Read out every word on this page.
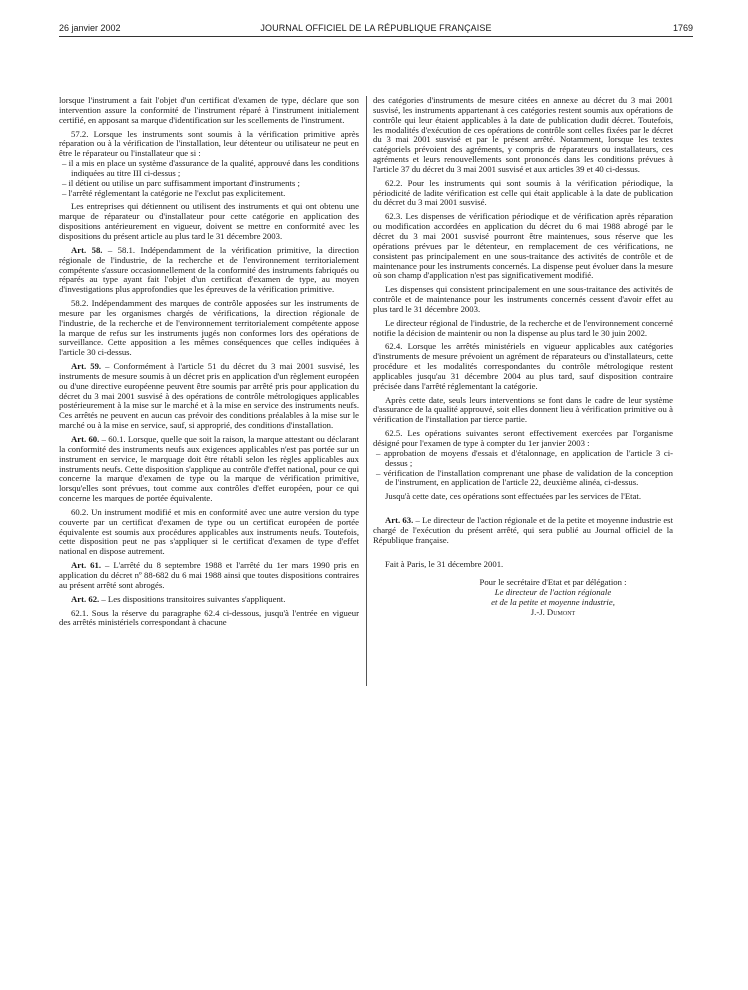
26 janvier 2002	JOURNAL OFFICIEL DE LA RÉPUBLIQUE FRANÇAISE	1769

lorsque l'instrument a fait l'objet d'un certificat d'examen de type, déclare que son intervention assure la conformité de l'instrument réparé à l'instrument initialement certifié, en apposant sa marque d'identification sur les scellements de l'instrument.

57.2. Lorsque les instruments sont soumis à la vérification primitive après réparation ou à la vérification de l'installation, leur détenteur ou utilisateur ne peut en être le réparateur ou l'installateur que si :

– il a mis en place un système d'assurance de la qualité, approuvé dans les conditions indiquées au titre III ci-dessus ;

– il détient ou utilise un parc suffisamment important d'instruments ;

– l'arrêté réglementant la catégorie ne l'exclut pas explicitement.

Les entreprises qui détiennent ou utilisent des instruments et qui ont obtenu une marque de réparateur ou d'installateur pour cette catégorie en application des dispositions antérieurement en vigueur, doivent se mettre en conformité avec les dispositions du présent article au plus tard le 31 décembre 2003.

Art. 58. – 58.1. Indépendamment de la vérification primitive, la direction régionale de l'industrie, de la recherche et de l'environnement territorialement compétente s'assure occasionnellement de la conformité des instruments fabriqués ou réparés au type ayant fait l'objet d'un certificat d'examen de type, au moyen d'investigations plus approfondies que les épreuves de la vérification primitive.

58.2. Indépendamment des marques de contrôle apposées sur les instruments de mesure par les organismes chargés de vérifications, la direction régionale de l'industrie, de la recherche et de l'environnement territorialement compétente appose la marque de refus sur les instruments jugés non conformes lors des opérations de surveillance. Cette apposition a les mêmes conséquences que celles indiquées à l'article 30 ci-dessus.

Art. 59. – Conformément à l'article 51 du décret du 3 mai 2001 susvisé, les instruments de mesure soumis à un décret pris en application d'un règlement européen ou d'une directive européenne peuvent être soumis par arrêté pris pour application du décret du 3 mai 2001 susvisé à des opérations de contrôle métrologiques applicables postérieurement à la mise sur le marché et à la mise en service des instruments neufs. Ces arrêtés ne peuvent en aucun cas prévoir des conditions préalables à la mise sur le marché ou à la mise en service, sauf, si approprié, des conditions d'installation.

Art. 60. – 60.1. Lorsque, quelle que soit la raison, la marque attestant ou déclarant la conformité des instruments neufs aux exigences applicables n'est pas portée sur un instrument en service, le marquage doit être rétabli selon les règles applicables aux instruments neufs. Cette disposition s'applique au contrôle d'effet national, pour ce qui concerne la marque d'examen de type ou la marque de vérification primitive, lorsqu'elles sont prévues, tout comme aux contrôles d'effet européen, pour ce qui concerne les marques de portée équivalente.

60.2. Un instrument modifié et mis en conformité avec une autre version du type couverte par un certificat d'examen de type ou un certificat européen de portée équivalente est soumis aux procédures applicables aux instruments neufs. Toutefois, cette disposition peut ne pas s'appliquer si le certificat d'examen de type d'effet national en dispose autrement.

Art. 61. – L'arrêté du 8 septembre 1988 et l'arrêté du 1er mars 1990 pris en application du décret nº 88-682 du 6 mai 1988 ainsi que toutes dispositions contraires au présent arrêté sont abrogés.

Art. 62. – Les dispositions transitoires suivantes s'appliquent.

62.1. Sous la réserve du paragraphe 62.4 ci-dessous, jusqu'à l'entrée en vigueur des arrêtés ministériels correspondant à chacune

des catégories d'instruments de mesure citées en annexe au décret du 3 mai 2001 susvisé, les instruments appartenant à ces catégories restent soumis aux opérations de contrôle qui leur étaient applicables à la date de publication dudit décret. Toutefois, les modalités d'exécution de ces opérations de contrôle sont celles fixées par le décret du 3 mai 2001 susvisé et par le présent arrêté. Notamment, lorsque les textes catégoriels prévoient des agréments, y compris de réparateurs ou installateurs, ces agréments et leurs renouvellements sont prononcés dans les conditions prévues à l'article 37 du décret du 3 mai 2001 susvisé et aux articles 39 et 40 ci-dessus.

62.2. Pour les instruments qui sont soumis à la vérification périodique, la périodicité de ladite vérification est celle qui était applicable à la date de publication du décret du 3 mai 2001 susvisé.

62.3. Les dispenses de vérification périodique et de vérification après réparation ou modification accordées en application du décret du 6 mai 1988 abrogé par le décret du 3 mai 2001 susvisé pourront être maintenues, sous réserve que les opérations prévues par le détenteur, en remplacement de ces vérifications, ne consistent pas principalement en une sous-traitance des activités de contrôle et de maintenance pour les instruments concernés. La dispense peut évoluer dans la mesure où son champ d'application n'est pas significativement modifié.

Les dispenses qui consistent principalement en une sous-traitance des activités de contrôle et de maintenance pour les instruments concernés cessent d'avoir effet au plus tard le 31 décembre 2003.

Le directeur régional de l'industrie, de la recherche et de l'environnement concerné notifie la décision de maintenir ou non la dispense au plus tard le 30 juin 2002.

62.4. Lorsque les arrêtés ministériels en vigueur applicables aux catégories d'instruments de mesure prévoient un agrément de réparateurs ou d'installateurs, cette procédure et les modalités correspondantes du contrôle métrologique restent applicables jusqu'au 31 décembre 2004 au plus tard, sauf disposition contraire précisée dans l'arrêté réglementant la catégorie.

Après cette date, seuls leurs interventions se font dans le cadre de leur système d'assurance de la qualité approuvé, soit elles donnent lieu à vérification primitive ou à vérification de l'installation par tierce partie.

62.5. Les opérations suivantes seront effectivement exercées par l'organisme désigné pour l'examen de type à compter du 1er janvier 2003 :

– approbation de moyens d'essais et d'étalonnage, en application de l'article 3 ci-dessus ;

– vérification de l'installation comprenant une phase de validation de la conception de l'instrument, en application de l'article 22, deuxième alinéa, ci-dessus.

Jusqu'à cette date, ces opérations sont effectuées par les services de l'Etat.

Art. 63. – Le directeur de l'action régionale et de la petite et moyenne industrie est chargé de l'exécution du présent arrêté, qui sera publié au Journal officiel de la République française.

Fait à Paris, le 31 décembre 2001.

Pour le secrétaire d'Etat et par délégation :

Le directeur de l'action régionale

et de la petite et moyenne industrie,

J.-J. Dumont
